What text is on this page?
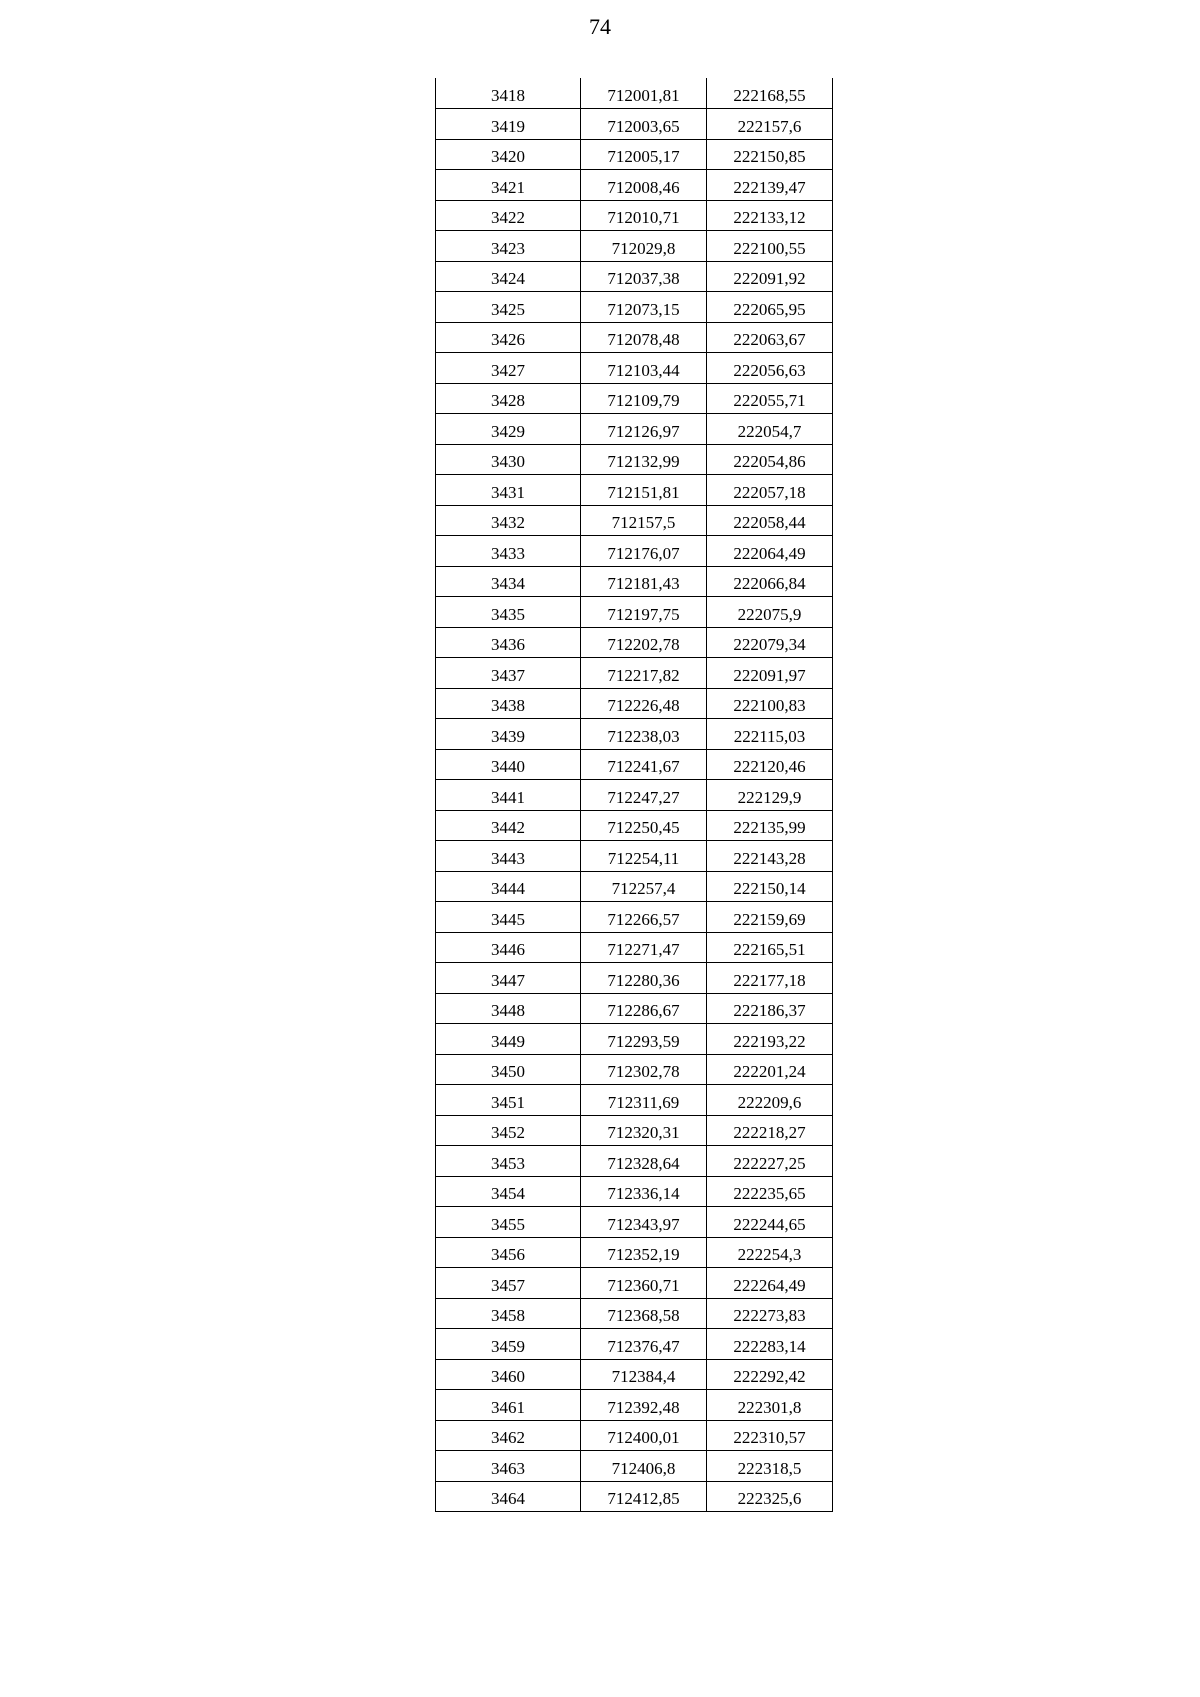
74
3418	712001,81	222168,55
3419	712003,65	222157,6
3420	712005,17	222150,85
3421	712008,46	222139,47
3422	712010,71	222133,12
3423	712029,8	222100,55
3424	712037,38	222091,92
3425	712073,15	222065,95
3426	712078,48	222063,67
3427	712103,44	222056,63
3428	712109,79	222055,71
3429	712126,97	222054,7
3430	712132,99	222054,86
3431	712151,81	222057,18
3432	712157,5	222058,44
3433	712176,07	222064,49
3434	712181,43	222066,84
3435	712197,75	222075,9
3436	712202,78	222079,34
3437	712217,82	222091,97
3438	712226,48	222100,83
3439	712238,03	222115,03
3440	712241,67	222120,46
3441	712247,27	222129,9
3442	712250,45	222135,99
3443	712254,11	222143,28
3444	712257,4	222150,14
3445	712266,57	222159,69
3446	712271,47	222165,51
3447	712280,36	222177,18
3448	712286,67	222186,37
3449	712293,59	222193,22
3450	712302,78	222201,24
3451	712311,69	222209,6
3452	712320,31	222218,27
3453	712328,64	222227,25
3454	712336,14	222235,65
3455	712343,97	222244,65
3456	712352,19	222254,3
3457	712360,71	222264,49
3458	712368,58	222273,83
3459	712376,47	222283,14
3460	712384,4	222292,42
3461	712392,48	222301,8
3462	712400,01	222310,57
3463	712406,8	222318,5
3464	712412,85	222325,6
